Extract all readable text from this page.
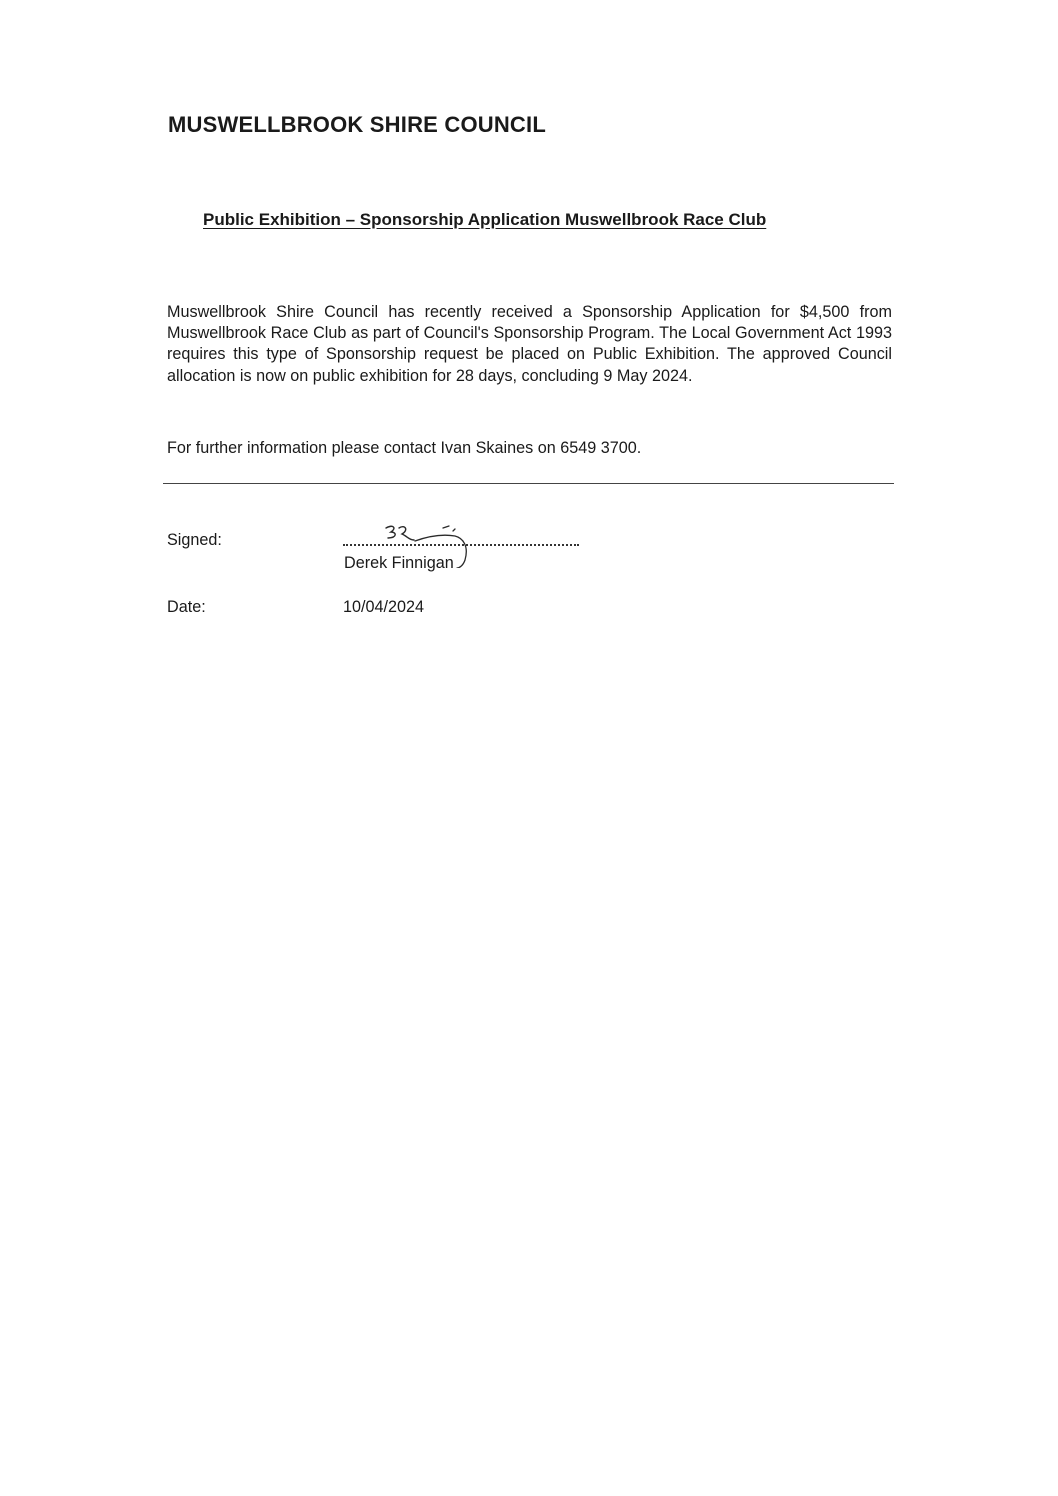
MUSWELLBROOK SHIRE COUNCIL
Public Exhibition – Sponsorship Application Muswellbrook Race Club

Muswellbrook Shire Council has recently received a Sponsorship Application for $4,500 from Muswellbrook Race Club as part of Council's Sponsorship Program. The Local Government Act 1993 requires this type of Sponsorship request be placed on Public Exhibition. The approved Council allocation is now on public exhibition for 28 days, concluding 9 May 2024.

For further information please contact Ivan Skaines on 6549 3700.

Signed:
Derek Finnigan
Date:	10/04/2024
